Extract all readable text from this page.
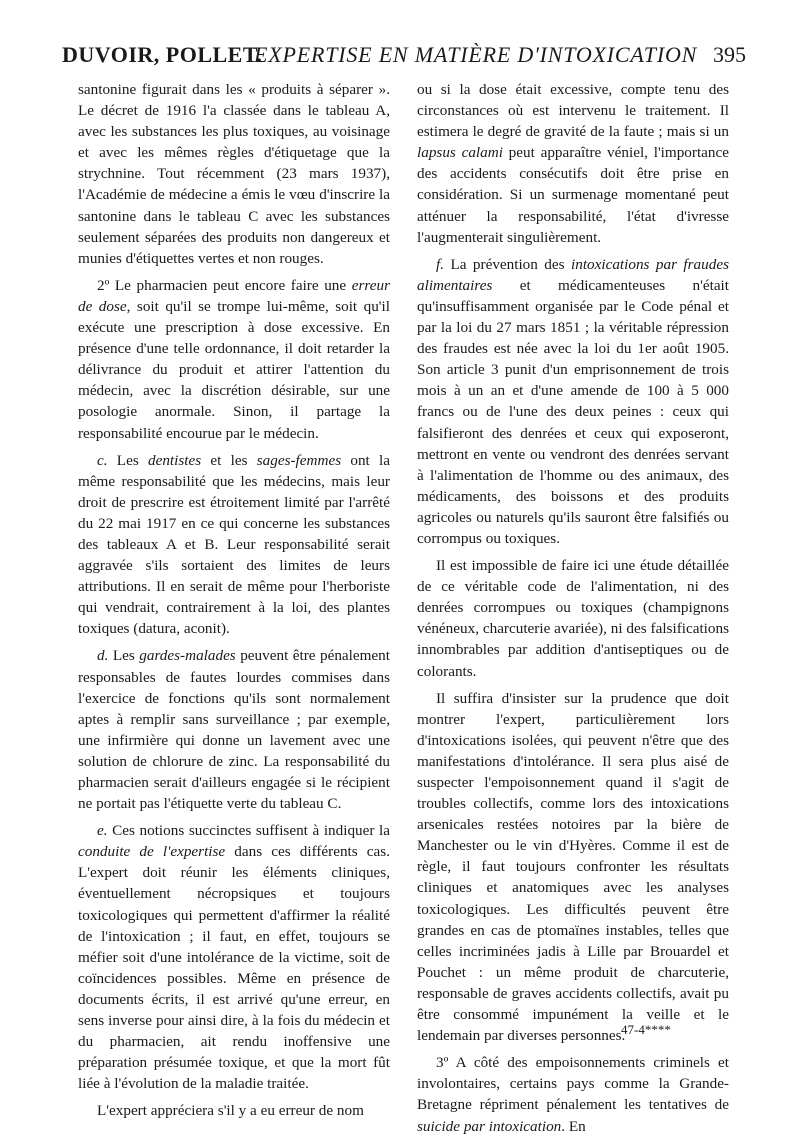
DUVOIR, POLLET.
EXPERTISE EN MATIÈRE D'INTOXICATION 395

santonine figurait dans les « produits à séparer ». Le décret de 1916 l'a classée dans le tableau A, avec les substances les plus toxiques, au voisinage et avec les mêmes règles d'étiquetage que la strychnine. Tout récemment (23 mars 1937), l'Académie de médecine a émis le vœu d'inscrire la santonine dans le tableau C avec les substances seulement séparées des produits non dangereux et munies d'étiquettes vertes et non rouges.

2º Le pharmacien peut encore faire une erreur de dose, soit qu'il se trompe lui-même, soit qu'il exécute une prescription à dose excessive. En présence d'une telle ordonnance, il doit retarder la délivrance du produit et attirer l'attention du médecin, avec la discrétion désirable, sur une posologie anormale. Sinon, il partage la responsabilité encourue par le médecin.

c. Les dentistes et les sages-femmes ont la même responsabilité que les médecins, mais leur droit de prescrire est étroitement limité par l'arrêté du 22 mai 1917 en ce qui concerne les substances des tableaux A et B. Leur responsabilité serait aggravée s'ils sortaient des limites de leurs attributions. Il en serait de même pour l'herboriste qui vendrait, contrairement à la loi, des plantes toxiques (datura, aconit).

d. Les gardes-malades peuvent être pénalement responsables de fautes lourdes commises dans l'exercice de fonctions qu'ils sont normalement aptes à remplir sans surveillance ; par exemple, une infirmière qui donne un lavement avec une solution de chlorure de zinc. La responsabilité du pharmacien serait d'ailleurs engagée si le récipient ne portait pas l'étiquette verte du tableau C.

e. Ces notions succinctes suffisent à indiquer la conduite de l'expertise dans ces différents cas. L'expert doit réunir les éléments cliniques, éventuellement nécropsiques et toujours toxicologiques qui permettent d'affirmer la réalité de l'intoxication ; il faut, en effet, toujours se méfier soit d'une intolérance de la victime, soit de coïncidences possibles. Même en présence de documents écrits, il est arrivé qu'une erreur, en sens inverse pour ainsi dire, à la fois du médecin et du pharmacien, ait rendu inoffensive une préparation présumée toxique, et que la mort fût liée à l'évolution de la maladie traitée.

L'expert appréciera s'il y a eu erreur de nom

ou si la dose était excessive, compte tenu des circonstances où est intervenu le traitement. Il estimera le degré de gravité de la faute ; mais si un lapsus calami peut apparaître véniel, l'importance des accidents consécutifs doit être prise en considération. Si un surmenage momentané peut atténuer la responsabilité, l'état d'ivresse l'augmenterait singulièrement.

f. La prévention des intoxications par fraudes alimentaires et médicamenteuses n'était qu'insuffisamment organisée par le Code pénal et par la loi du 27 mars 1851 ; la véritable répression des fraudes est née avec la loi du 1er août 1905. Son article 3 punit d'un emprisonnement de trois mois à un an et d'une amende de 100 à 5 000 francs ou de l'une des deux peines : ceux qui falsifieront des denrées et ceux qui exposeront, mettront en vente ou vendront des denrées servant à l'alimentation de l'homme ou des animaux, des médicaments, des boissons et des produits agricoles ou naturels qu'ils sauront être falsifiés ou corrompus ou toxiques.

Il est impossible de faire ici une étude détaillée de ce véritable code de l'alimentation, ni des denrées corrompues ou toxiques (champignons vénéneux, charcuterie avariée), ni des falsifications innombrables par addition d'antiseptiques ou de colorants.

Il suffira d'insister sur la prudence que doit montrer l'expert, particulièrement lors d'intoxications isolées, qui peuvent n'être que des manifestations d'intolérance. Il sera plus aisé de suspecter l'empoisonnement quand il s'agit de troubles collectifs, comme lors des intoxications arsenicales restées notoires par la bière de Manchester ou le vin d'Hyères. Comme il est de règle, il faut toujours confronter les résultats cliniques et anatomiques avec les analyses toxicologiques. Les difficultés peuvent être grandes en cas de ptomaïnes instables, telles que celles incriminées jadis à Lille par Brouardel et Pouchet : un même produit de charcuterie, responsable de graves accidents collectifs, avait pu être consommé impunément la veille et le lendemain par diverses personnes.

3º A côté des empoisonnements criminels et involontaires, certains pays comme la Grande-Bretagne répriment pénalement les tentatives de suicide par intoxication. En

47-4****
